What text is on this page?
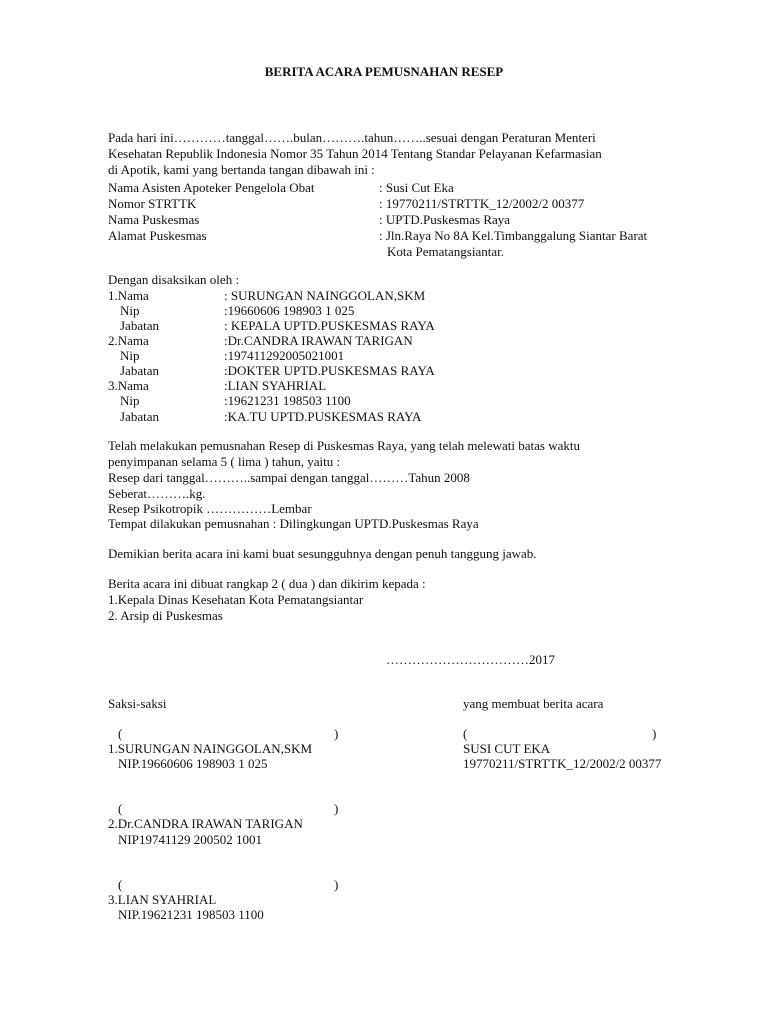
BERITA ACARA PEMUSNAHAN RESEP
Pada hari ini…………tanggal…….bulan……….tahun……..sesuai dengan Peraturan Menteri
Kesehatan Republik Indonesia Nomor 35 Tahun 2014 Tentang Standar Pelayanan Kefarmasian
di Apotik, kami yang bertanda tangan dibawah ini :
Nama Asisten Apoteker Pengelola Obat	: Susi Cut Eka
Nomor STRTTK	: 19770211/STRTTK_12/2002/2 00377
Nama Puskesmas	: UPTD.Puskesmas Raya
Alamat Puskesmas	: Jln.Raya No 8A Kel.Timbanggalung Siantar Barat
Kota Pematangsiantar.
Dengan disaksikan oleh :
1.Nama	: SURUNGAN NAINGGOLAN,SKM
Nip	:19660606 198903 1 025
Jabatan	: KEPALA UPTD.PUSKESMAS RAYA
2.Nama	:Dr.CANDRA IRAWAN TARIGAN
Nip	:197411292005021001
Jabatan	:DOKTER UPTD.PUSKESMAS RAYA
3.Nama	:LIAN SYAHRIAL
Nip	:19621231 198503 1100
Jabatan	:KA.TU UPTD.PUSKESMAS RAYA
Telah melakukan pemusnahan Resep di Puskesmas Raya, yang telah melewati batas waktu
penyimpanan selama 5 ( lima ) tahun, yaitu :
Resep dari tanggal………..sampai dengan tanggal………Tahun 2008
Seberat……….kg.
Resep Psikotropik ……………Lembar
Tempat dilakukan pemusnahan : Dilingkungan UPTD.Puskesmas Raya
Demikian berita acara ini kami buat sesungguhnya dengan penuh tanggung jawab.
Berita acara ini dibuat rangkap 2 ( dua ) dan dikirim kepada :
1.Kepala Dinas Kesehatan Kota Pematangsiantar
2. Arsip di Puskesmas
……………………………2017
Saksi-saksi	yang membuat berita acara
(	)	(	)
1.SURUNGAN NAINGGOLAN,SKM
NIP.19660606 198903 1 025
SUSI CUT EKA
19770211/STRTTK_12/2002/2 00377
(	)
2.Dr.CANDRA IRAWAN TARIGAN
NIP19741129 200502 1001
(	)
3.LIAN SYAHRIAL
NIP.19621231 198503 1100
